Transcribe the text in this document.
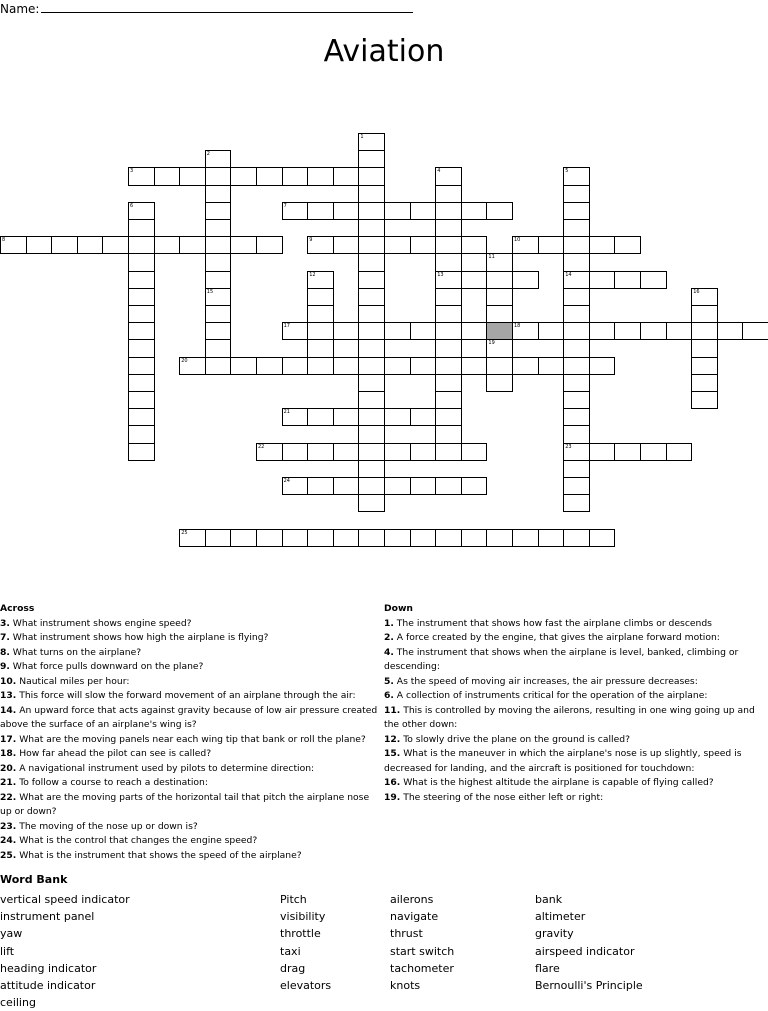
Name:
Aviation
1
2
15
4
13
5
14
23
6
11
19
12
16
3
7
8	9	10
17	18
20
21
22
24
25
Across
3. What instrument shows engine speed?
7. What instrument shows how high the airplane is flying?
8. What turns on the airplane?
9. What force pulls downward on the plane?
10. Nautical miles per hour:
13. This force will slow the forward movement of an airplane through the air:
14. An upward force that acts against gravity because of low air pressure created above the surface of an airplane's wing is?
17. What are the moving panels near each wing tip that bank or roll the plane?
18. How far ahead the pilot can see is called?
20. A navigational instrument used by pilots to determine direction:
21. To follow a course to reach a destination:
22. What are the moving parts of the horizontal tail that pitch the airplane nose up or down?
23. The moving of the nose up or down is?
24. What is the control that changes the engine speed?
25. What is the instrument that shows the speed of the airplane?
Down
1. The instrument that shows how fast the airplane climbs or descends
2. A force created by the engine, that gives the airplane forward motion:
4. The instrument that shows when the airplane is level, banked, climbing or descending:
5. As the speed of moving air increases, the air pressure decreases:
6. A collection of instruments critical for the operation of the airplane:
11. This is controlled by moving the ailerons, resulting in one wing going up and the other down:
12. To slowly drive the plane on the ground is called?
15. What is the maneuver in which the airplane's nose is up slightly, speed is decreased for landing, and the aircraft is positioned for touchdown:
16. What is the highest altitude the airplane is capable of flying called?
19. The steering of the nose either left or right:
Word Bank
vertical speed indicator
instrument panel
yaw
lift
heading indicator
attitude indicator
ceiling
Pitch
visibility
throttle
taxi
drag
elevators
ailerons
navigate
thrust
start switch
tachometer
knots
bank
altimeter
gravity
airspeed indicator
flare
Bernoulli's Principle
